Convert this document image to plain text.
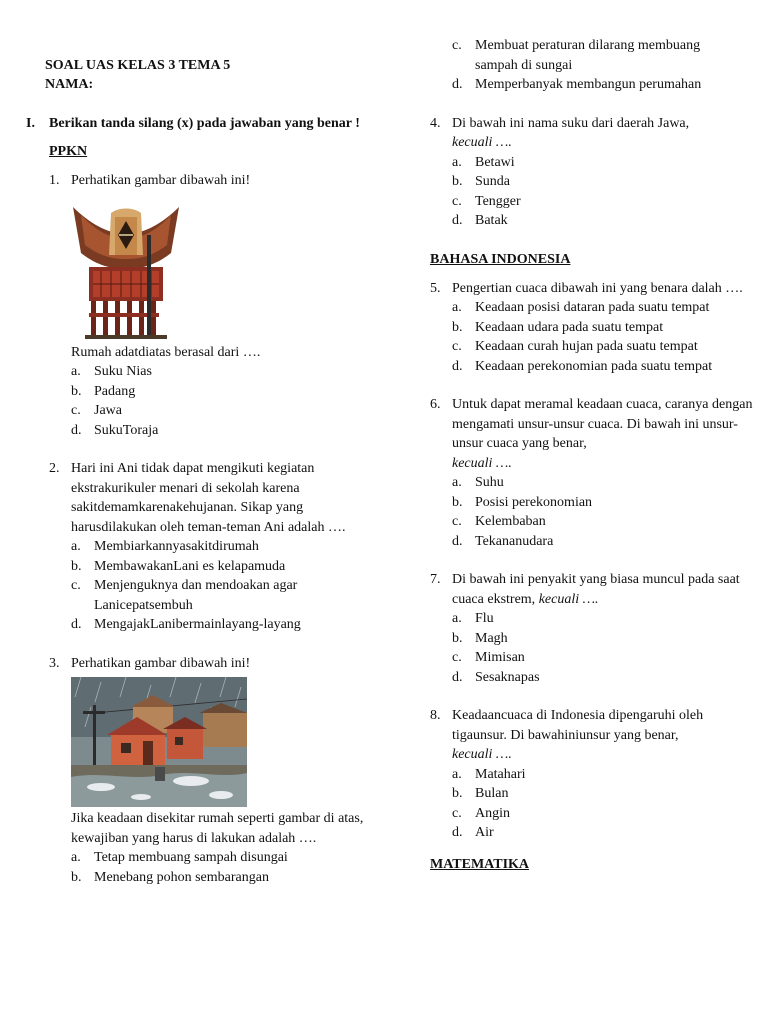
SOAL UAS KELAS 3 TEMA 5
NAMA:
I.	Berikan tanda silang (x) pada jawaban yang benar !
PPKN
1. Perhatikan gambar dibawah ini!
Rumah adatdiatas berasal dari ….
a. Suku Nias
b. Padang
c. Jawa
d. SukuToraja
2. Hari ini Ani tidak dapat mengikuti kegiatan ekstrakurikuler menari di sekolah karena sakitdemamkarenakehujanan. Sikap yang harusdilakukan oleh teman-teman Ani adalah ….
a. Membiarkannyasakitdirumah
b. MembawakanLani es kelapamuda
c. Menjenguknya dan mendoakan agar Lanicepatsembuh
d. MengajakLanibermainlayang-layang
3. Perhatikan gambar dibawah ini!
Jika keadaan disekitar rumah seperti gambar di atas, kewajiban yang harus di lakukan adalah ….
a. Tetap membuang sampah disungai
b. Menebang pohon sembarangan
c. Membuat peraturan dilarang membuang sampah di sungai
d. Memperbanyak membangun perumahan
4. Di bawah ini nama suku dari daerah Jawa,
kecuali ….
a. Betawi
b. Sunda
c. Tengger
d. Batak
BAHASA INDONESIA
5. Pengertian cuaca dibawah ini yang benara dalah ….
a. Keadaan posisi dataran pada suatu tempat
b. Keadaan udara pada suatu tempat
c. Keadaan curah hujan pada suatu tempat
d. Keadaan perekonomian pada suatu tempat
6. Untuk dapat meramal keadaan cuaca, caranya dengan mengamati unsur-unsur cuaca. Di bawah ini unsur-unsur cuaca yang benar,
kecuali ….
a. Suhu
b. Posisi perekonomian
c. Kelembaban
d. Tekananudara
7. Di bawah ini penyakit yang biasa muncul pada saat cuaca ekstrem, kecuali ….
a. Flu
b. Magh
c. Mimisan
d. Sesaknapas
8. Keadaancuaca di Indonesia dipengaruhi oleh tigaunsur. Di bawahiniunsur yang benar,
kecuali ….
a. Matahari
b. Bulan
c. Angin
d. Air
MATEMATIKA
